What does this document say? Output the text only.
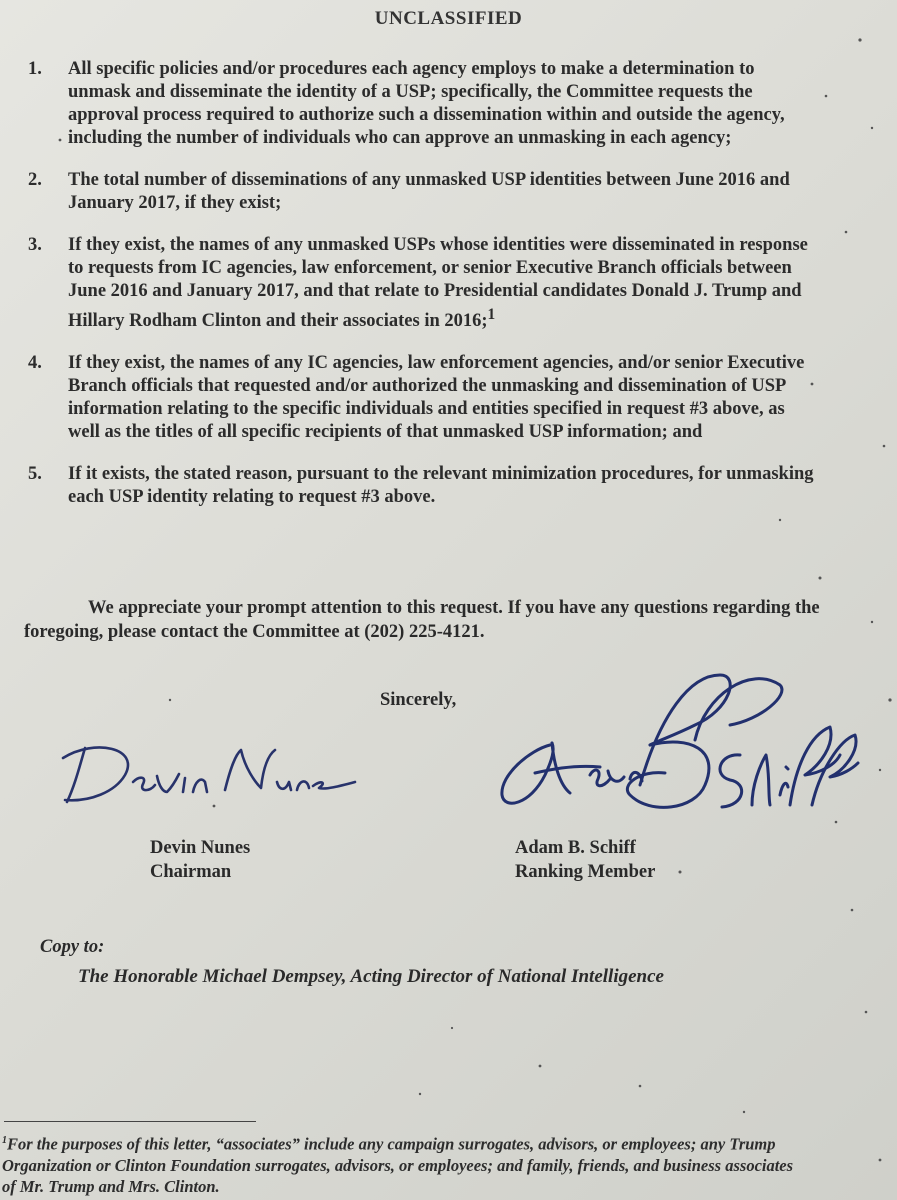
UNCLASSIFIED
1.	All specific policies and/or procedures each agency employs to make a determination to unmask and disseminate the identity of a USP; specifically, the Committee requests the approval process required to authorize such a dissemination within and outside the agency, including the number of individuals who can approve an unmasking in each agency;
2.	The total number of disseminations of any unmasked USP identities between June 2016 and January 2017, if they exist;
3.	If they exist, the names of any unmasked USPs whose identities were disseminated in response to requests from IC agencies, law enforcement, or senior Executive Branch officials between June 2016 and January 2017, and that relate to Presidential candidates Donald J. Trump and Hillary Rodham Clinton and their associates in 2016;$^1$
4.	If they exist, the names of any IC agencies, law enforcement agencies, and/or senior Executive Branch officials that requested and/or authorized the unmasking and dissemination of USP information relating to the specific individuals and entities specified in request #3 above, as well as the titles of all specific recipients of that unmasked USP information; and
5.	If it exists, the stated reason, pursuant to the relevant minimization procedures, for unmasking each USP identity relating to request #3 above.
We appreciate your prompt attention to this request. If you have any questions regarding the foregoing, please contact the Committee at (202) 225-4121.
Sincerely,
Devin Nunes
Chairman
Adam B. Schiff
Ranking Member
Copy to:
The Honorable Michael Dempsey, Acting Director of National Intelligence
$^1$For the purposes of this letter, “associates” include any campaign surrogates, advisors, or employees; any Trump
Organization or Clinton Foundation surrogates, advisors, or employees; and family, friends, and business associates
of Mr. Trump and Mrs. Clinton.
